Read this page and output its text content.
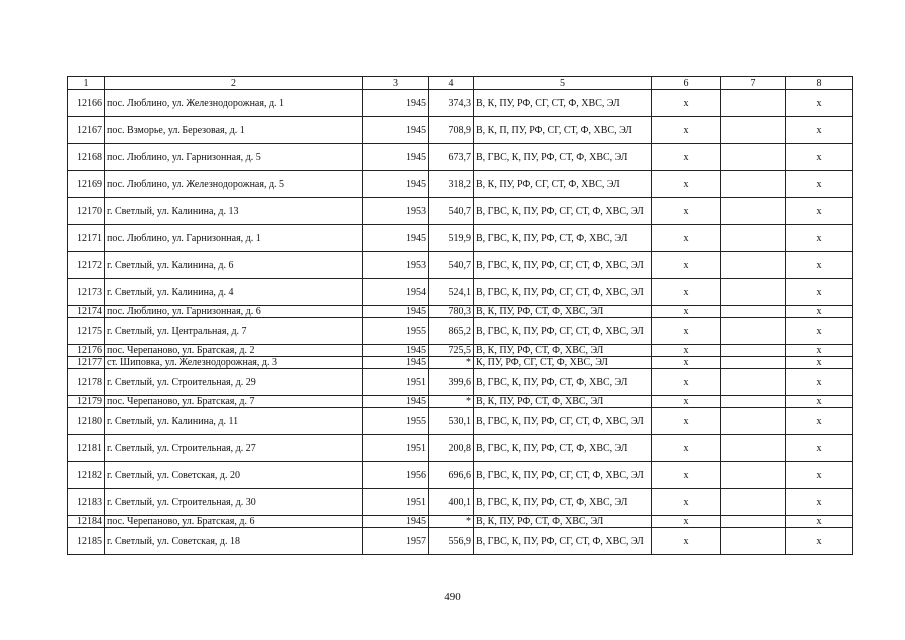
1	2	3	4	5	6	7	8
12166	пос. Люблино, ул. Железнодорожная, д. 1	1945	374,3	В, К, ПУ, РФ, СГ, СТ, Ф, ХВС, ЭЛ	x		x
12167	пос. Взморье, ул. Березовая, д. 1	1945	708,9	В, К, П, ПУ, РФ, СГ, СТ, Ф, ХВС, ЭЛ	x		x
12168	пос. Люблино, ул. Гарнизонная, д. 5	1945	673,7	В, ГВС, К, ПУ, РФ, СТ, Ф, ХВС, ЭЛ	x		x
12169	пос. Люблино, ул. Железнодорожная, д. 5	1945	318,2	В, К, ПУ, РФ, СГ, СТ, Ф, ХВС, ЭЛ	x		x
12170	г. Светлый, ул. Калинина, д. 13	1953	540,7	В, ГВС, К, ПУ, РФ, СГ, СТ, Ф, ХВС, ЭЛ	x		x
12171	пос. Люблино, ул. Гарнизонная, д. 1	1945	519,9	В, ГВС, К, ПУ, РФ, СТ, Ф, ХВС, ЭЛ	x		x
12172	г. Светлый, ул. Калинина, д. 6	1953	540,7	В, ГВС, К, ПУ, РФ, СГ, СТ, Ф, ХВС, ЭЛ	x		x
12173	г. Светлый, ул. Калинина, д. 4	1954	524,1	В, ГВС, К, ПУ, РФ, СГ, СТ, Ф, ХВС, ЭЛ	x		x
12174	пос. Люблино, ул. Гарнизонная, д. 6	1945	780,3	В, К, ПУ, РФ, СТ, Ф, ХВС, ЭЛ	x		x
12175	г. Светлый, ул. Центральная, д. 7	1955	865,2	В, ГВС, К, ПУ, РФ, СГ, СТ, Ф, ХВС, ЭЛ	x		x
12176	пос. Черепаново, ул. Братская, д. 2	1945	725,5	В, К, ПУ, РФ, СТ, Ф, ХВС, ЭЛ	x		x
12177	ст. Шиповка, ул. Железнодорожная, д. 3	1945	*	К, ПУ, РФ, СГ, СТ, Ф, ХВС, ЭЛ	x		x
12178	г. Светлый, ул. Строительная, д. 29	1951	399,6	В, ГВС, К, ПУ, РФ, СТ, Ф, ХВС, ЭЛ	x		x
12179	пос. Черепаново, ул. Братская, д. 7	1945	*	В, К, ПУ, РФ, СТ, Ф, ХВС, ЭЛ	x		x
12180	г. Светлый, ул. Калинина, д. 11	1955	530,1	В, ГВС, К, ПУ, РФ, СГ, СТ, Ф, ХВС, ЭЛ	x		x
12181	г. Светлый, ул. Строительная, д. 27	1951	200,8	В, ГВС, К, ПУ, РФ, СТ, Ф, ХВС, ЭЛ	x		x
12182	г. Светлый, ул. Советская, д. 20	1956	696,6	В, ГВС, К, ПУ, РФ, СГ, СТ, Ф, ХВС, ЭЛ	x		x
12183	г. Светлый, ул. Строительная, д. 30	1951	400,1	В, ГВС, К, ПУ, РФ, СТ, Ф, ХВС, ЭЛ	x		x
12184	пос. Черепаново, ул. Братская, д. 6	1945	*	В, К, ПУ, РФ, СТ, Ф, ХВС, ЭЛ	x		x
12185	г. Светлый, ул. Советская, д. 18	1957	556,9	В, ГВС, К, ПУ, РФ, СГ, СТ, Ф, ХВС, ЭЛ	x		x
490
